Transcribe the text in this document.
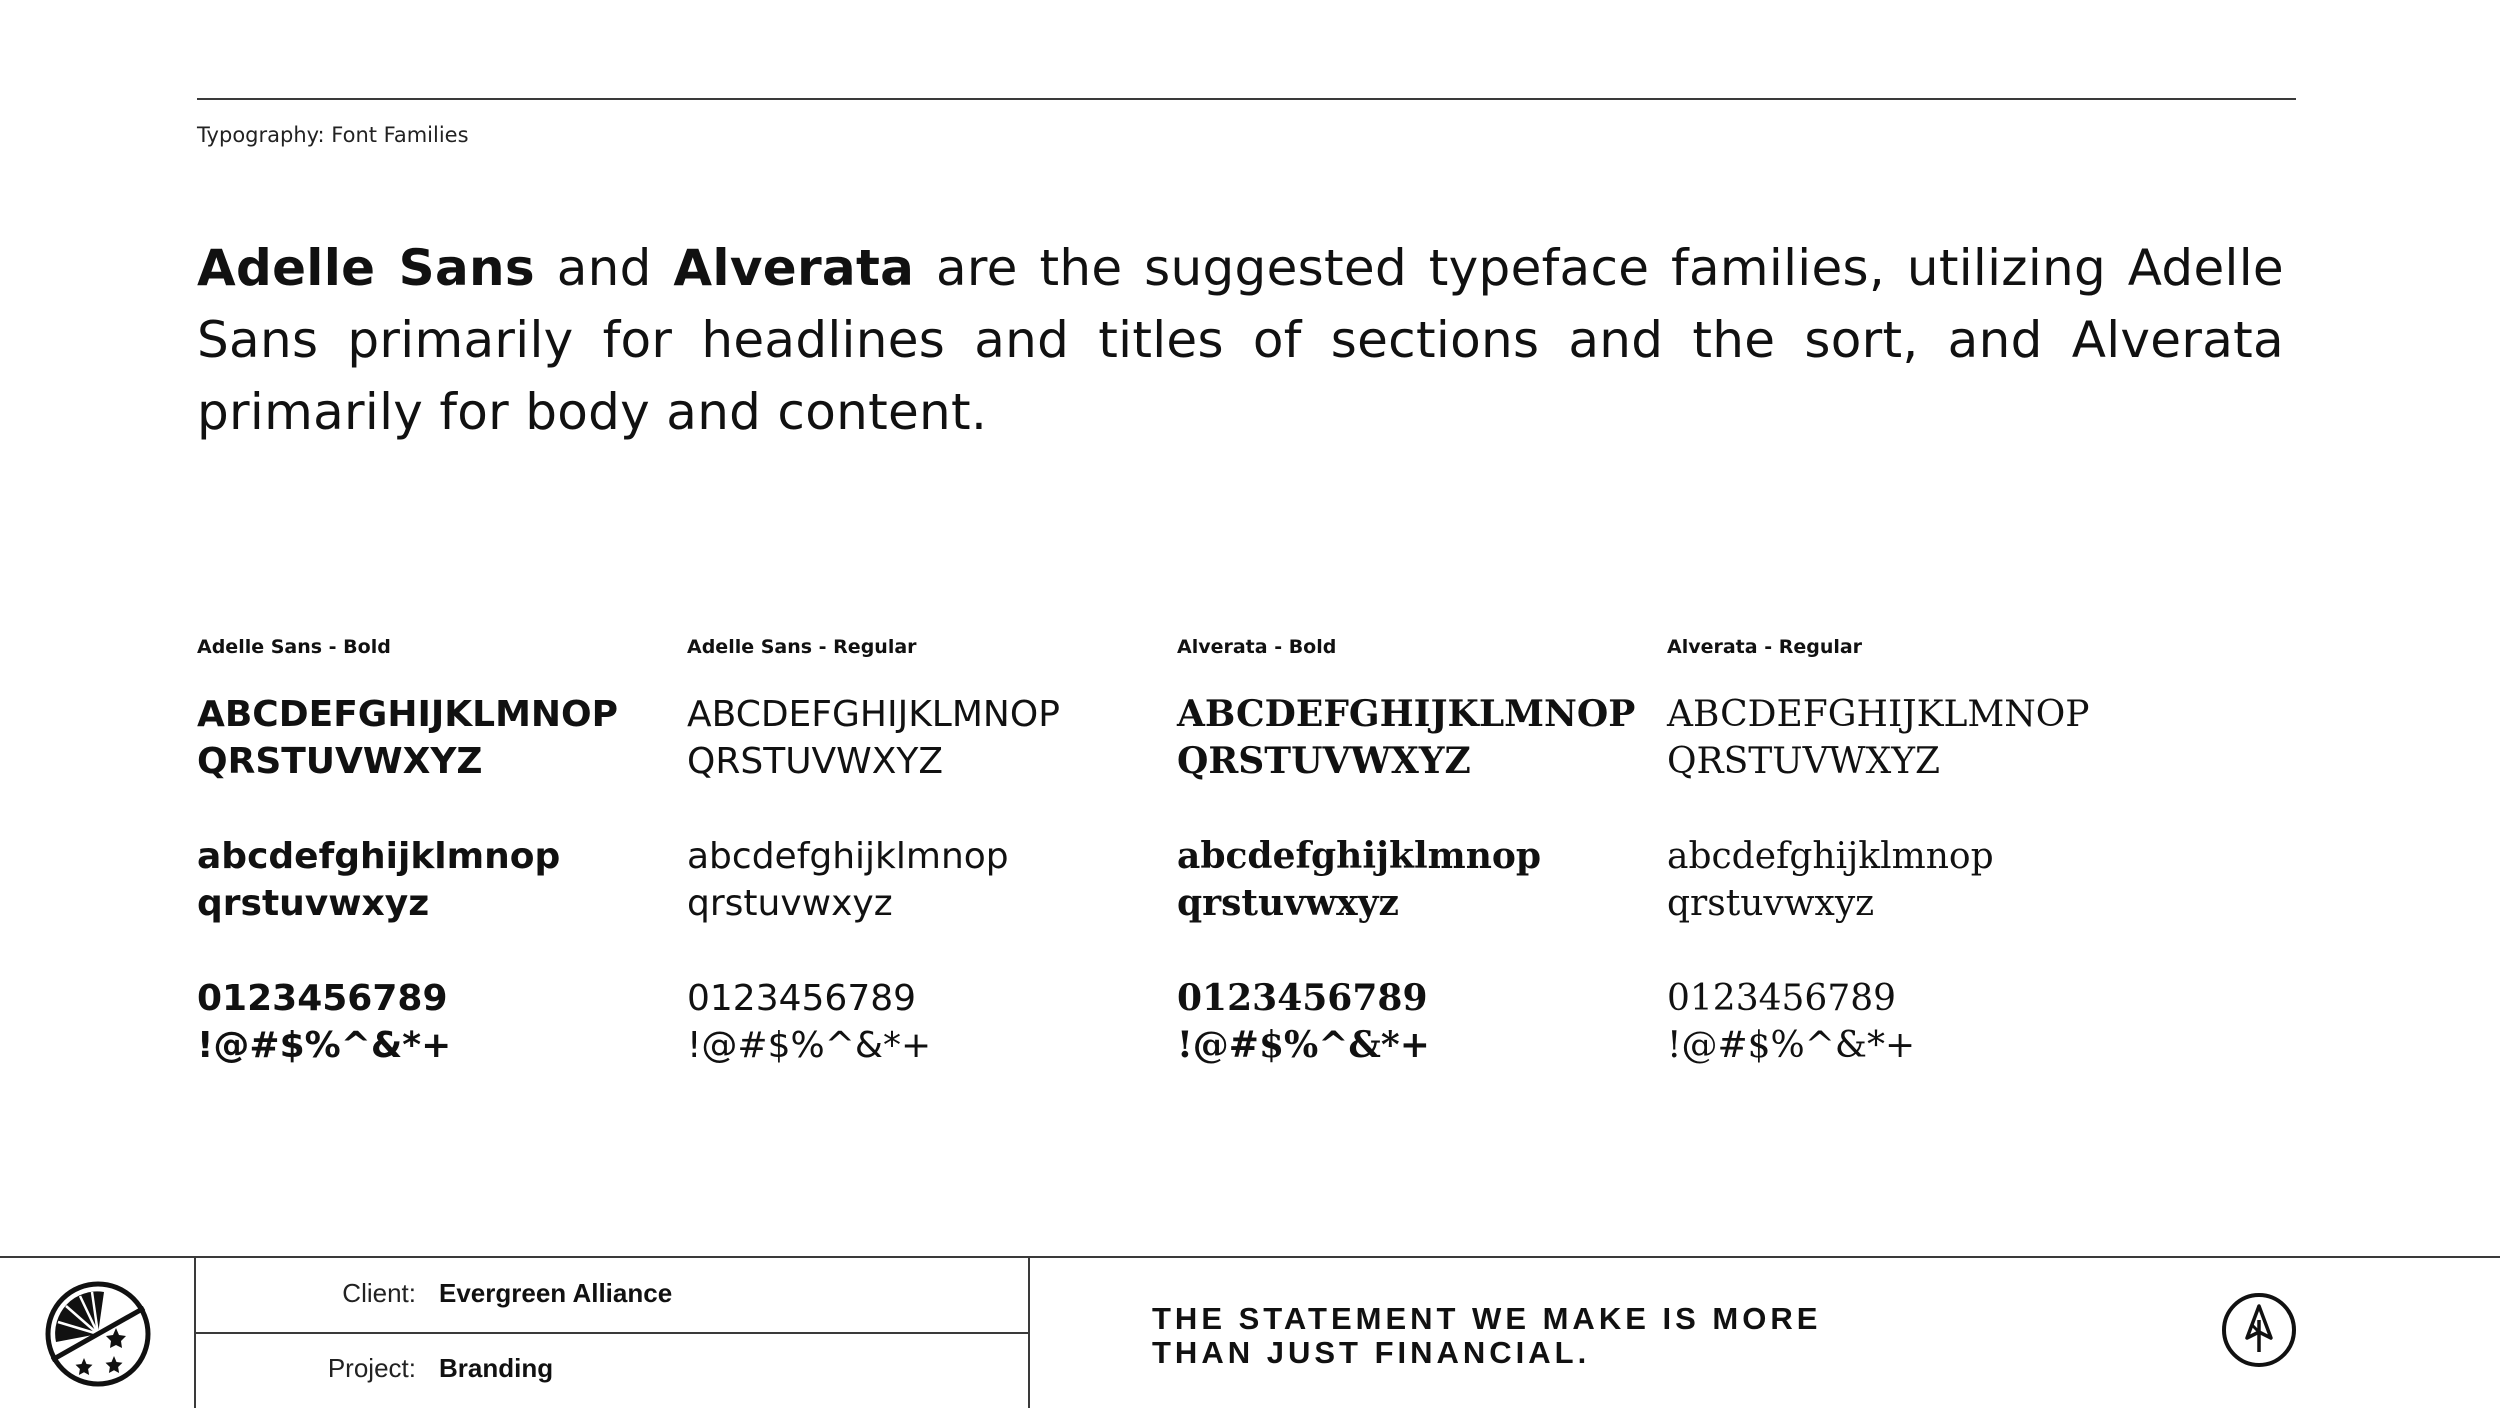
Typography: Font Families

Adelle Sans and Alverata are the suggested typeface families, utilizing Adelle Sans primarily for headlines and titles of sections and the sort, and Alverata primarily for body and content.

Adelle Sans - Bold
ABCDEFGHIJKLMNOP
QRSTUVWXYZ
abcdefghijklmnop
qrstuvwxyz
0123456789
!@#$%^&*+
Adelle Sans - Regular
ABCDEFGHIJKLMNOP
QRSTUVWXYZ
abcdefghijklmnop
qrstuvwxyz
0123456789
!@#$%^&*+
Alverata - Bold
ABCDEFGHIJKLMNOP
QRSTUVWXYZ
abcdefghijklmnop
qrstuvwxyz
0123456789
!@#$%^&*+
Alverata - Regular
ABCDEFGHIJKLMNOP
QRSTUVWXYZ
abcdefghijklmnop
qrstuvwxyz
0123456789
!@#$%^&*+
Client: Evergreen Alliance
Project: Branding
THE STATEMENT WE MAKE IS MORE
THAN JUST FINANCIAL.
